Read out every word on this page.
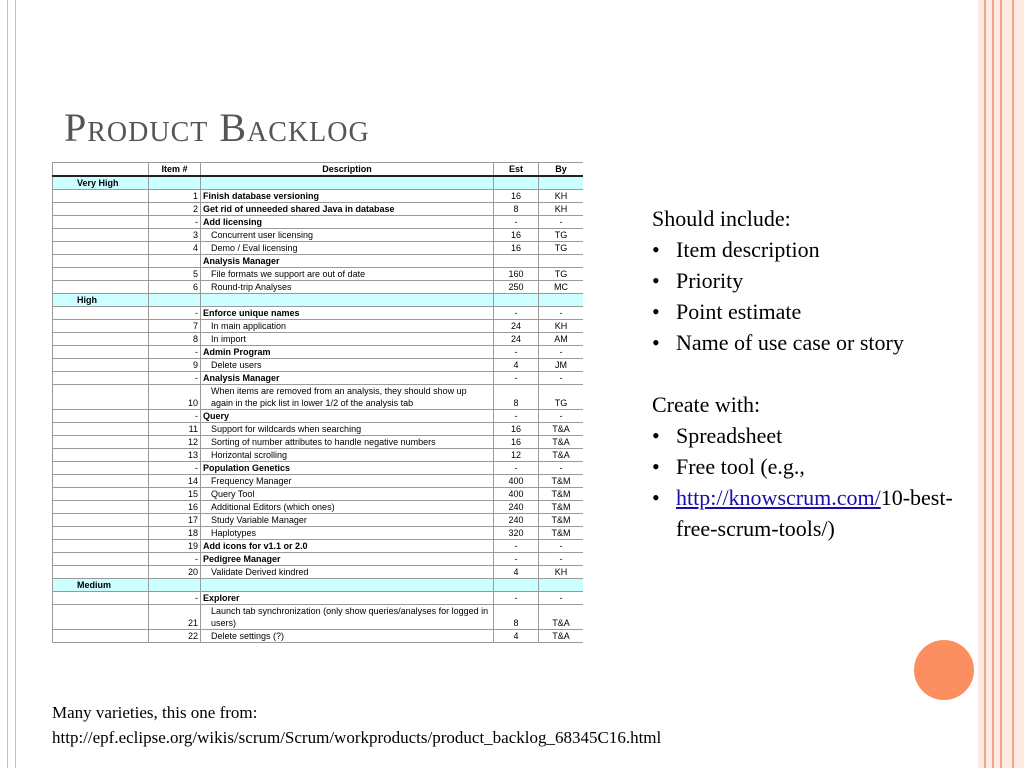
Product Backlog
	Item #	Description	Est	By
Very High				
	1	Finish database versioning	16	KH
	2	Get rid of unneeded shared Java in database	8	KH
	-	Add licensing	-	-
	3	Concurrent user licensing	16	TG
	4	Demo / Eval licensing	16	TG
		Analysis Manager		
	5	File formats we support are out of date	160	TG
	6	Round-trip Analyses	250	MC
High				
	-	Enforce unique names	-	-
	7	In main application	24	KH
	8	In import	24	AM
	-	Admin Program	-	-
	9	Delete users	4	JM
	-	Analysis Manager	-	-
	10	When items are removed from an analysis, they should show up again in the pick list in lower 1/2 of the analysis tab	8	TG
	-	Query	-	-
	11	Support for wildcards when searching	16	T&A
	12	Sorting of number attributes to handle negative numbers	16	T&A
	13	Horizontal scrolling	12	T&A
	-	Population Genetics	-	-
	14	Frequency Manager	400	T&M
	15	Query Tool	400	T&M
	16	Additional Editors (which ones)	240	T&M
	17	Study Variable Manager	240	T&M
	18	Haplotypes	320	T&M
	19	Add icons for v1.1 or 2.0	-	-
	-	Pedigree Manager	-	-
	20	Validate Derived kindred	4	KH
Medium				
	-	Explorer	-	-
	21	Launch tab synchronization (only show queries/analyses for logged in users)	8	T&A
	22	Delete settings (?)	4	T&A
Should include:
• Item description
• Priority
• Point estimate
• Name of use case or story
Create with:
• Spreadsheet
• Free tool (e.g.,
• http://knowscrum.com/10-best-free-scrum-tools/)
Many varieties, this one from:
http://epf.eclipse.org/wikis/scrum/Scrum/workproducts/product_backlog_68345C16.html
